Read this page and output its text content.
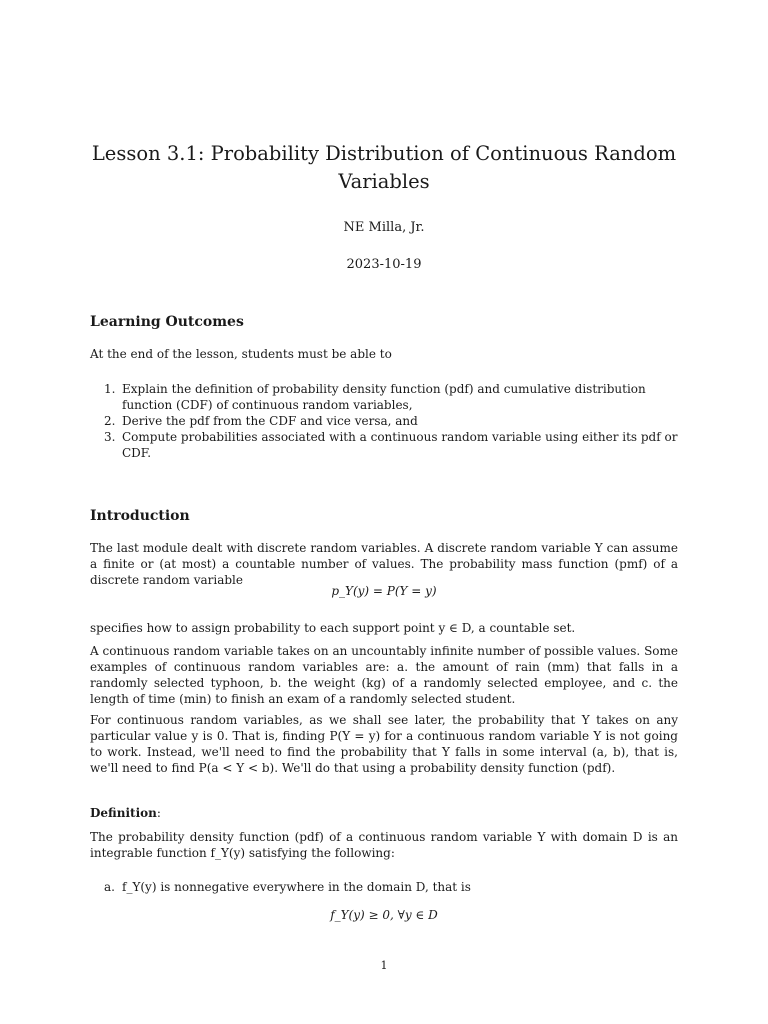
Lesson 3.1: Probability Distribution of Continuous Random Variables
NE Milla, Jr.
2023-10-19
Learning Outcomes

At the end of the lesson, students must be able to

1. Explain the definition of probability density function (pdf) and cumulative distribution function (CDF) of continuous random variables,
2. Derive the pdf from the CDF and vice versa, and
3. Compute probabilities associated with a continuous random variable using either its pdf or CDF.
Introduction

The last module dealt with discrete random variables. A discrete random variable Y can assume a finite or (at most) a countable number of values. The probability mass function (pmf) of a discrete random variable

p_Y(y) = P(Y = y)

specifies how to assign probability to each support point y ∈ D, a countable set.

A continuous random variable takes on an uncountably infinite number of possible values. Some examples of continuous random variables are: a. the amount of rain (mm) that falls in a randomly selected typhoon, b. the weight (kg) of a randomly selected employee, and c. the length of time (min) to finish an exam of a randomly selected student.

For continuous random variables, as we shall see later, the probability that Y takes on any particular value y is 0. That is, finding P(Y = y) for a continuous random variable Y is not going to work. Instead, we'll need to find the probability that Y falls in some interval (a, b), that is, we'll need to find P(a < Y < b). We'll do that using a probability density function (pdf).

Definition:

The probability density function (pdf) of a continuous random variable Y with domain D is an integrable function f_Y(y) satisfying the following:

a. f_Y(y) is nonnegative everywhere in the domain D, that is
f_Y(y) ≥ 0, ∀y ∈ D
1
